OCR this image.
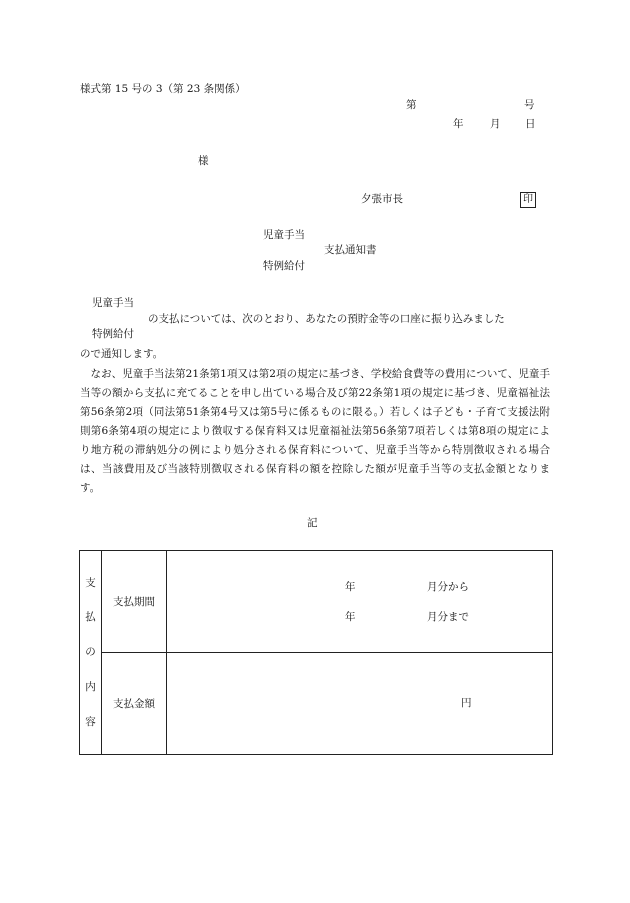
様式第 15 号の 3（第 23 条関係）
第	号
年	月 日
様
夕張市長	印
児童手当
支払通知書
特例給付
児童手当
の支払については、次のとおり、あなたの預貯金等の口座に振り込みました
特例給付
ので通知します。

なお、児童手当法第21条第1項又は第2項の規定に基づき、学校給食費等の費用について、児童手当等の額から支払に充てることを申し出ている場合及び第22条第1項の規定に基づき、児童福祉法第56条第2項（同法第51条第4号又は第5号に係るものに限る。）若しくは子ども・子育て支援法附則第6条第4項の規定により徴収する保育料又は児童福祉法第56条第7項若しくは第8項の規定により地方税の滞納処分の例により処分される保育料について、児童手当等から特別徴収される場合は、当該費用及び当該特別徴収される保育料の額を控除した額が児童手当等の支払金額となります。

記
支
払
の
内
容	支払期間	年 月分から
年 月分まで

	支払金額	円
